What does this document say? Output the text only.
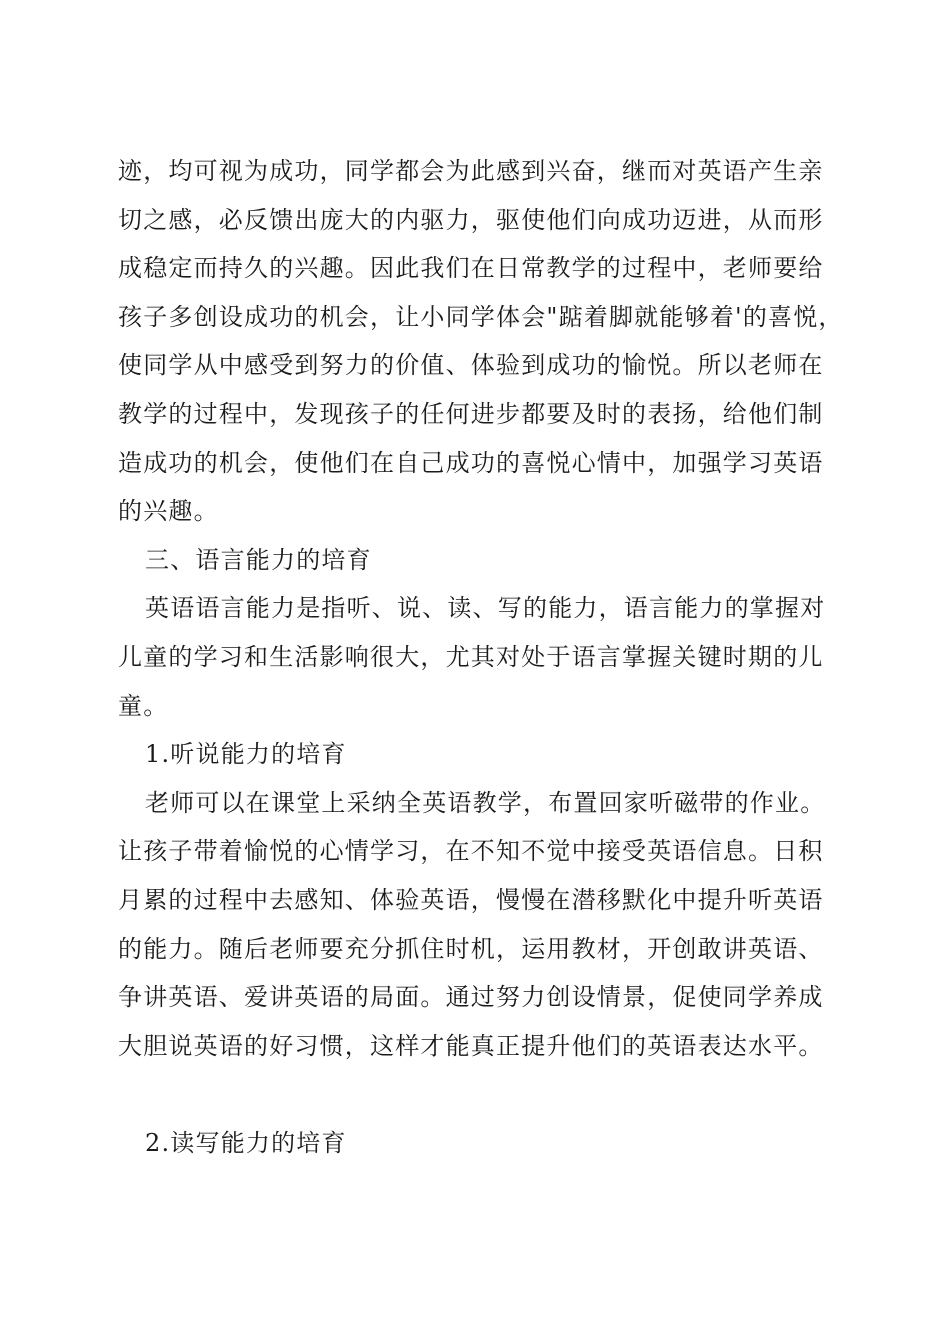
迹，均可视为成功，同学都会为此感到兴奋，继而对英语产生亲
切之感，必反馈出庞大的内驱力，驱使他们向成功迈进，从而形
成稳定而持久的兴趣。因此我们在日常教学的过程中，老师要给
孩子多创设成功的机会，让小同学体会"踮着脚就能够着'的喜悦，
使同学从中感受到努力的价值、体验到成功的愉悦。所以老师在
教学的过程中，发现孩子的任何进步都要及时的表扬，给他们制
造成功的机会，使他们在自己成功的喜悦心情中，加强学习英语
的兴趣。
三、语言能力的培育
英语语言能力是指听、说、读、写的能力，语言能力的掌握对
儿童的学习和生活影响很大，尤其对处于语言掌握关键时期的儿
童。
1.听说能力的培育
老师可以在课堂上采纳全英语教学，布置回家听磁带的作业。
让孩子带着愉悦的心情学习，在不知不觉中接受英语信息。日积
月累的过程中去感知、体验英语，慢慢在潜移默化中提升听英语
的能力。随后老师要充分抓住时机，运用教材，开创敢讲英语、
争讲英语、爱讲英语的局面。通过努力创设情景，促使同学养成
大胆说英语的好习惯，这样才能真正提升他们的英语表达水平。
2.读写能力的培育
